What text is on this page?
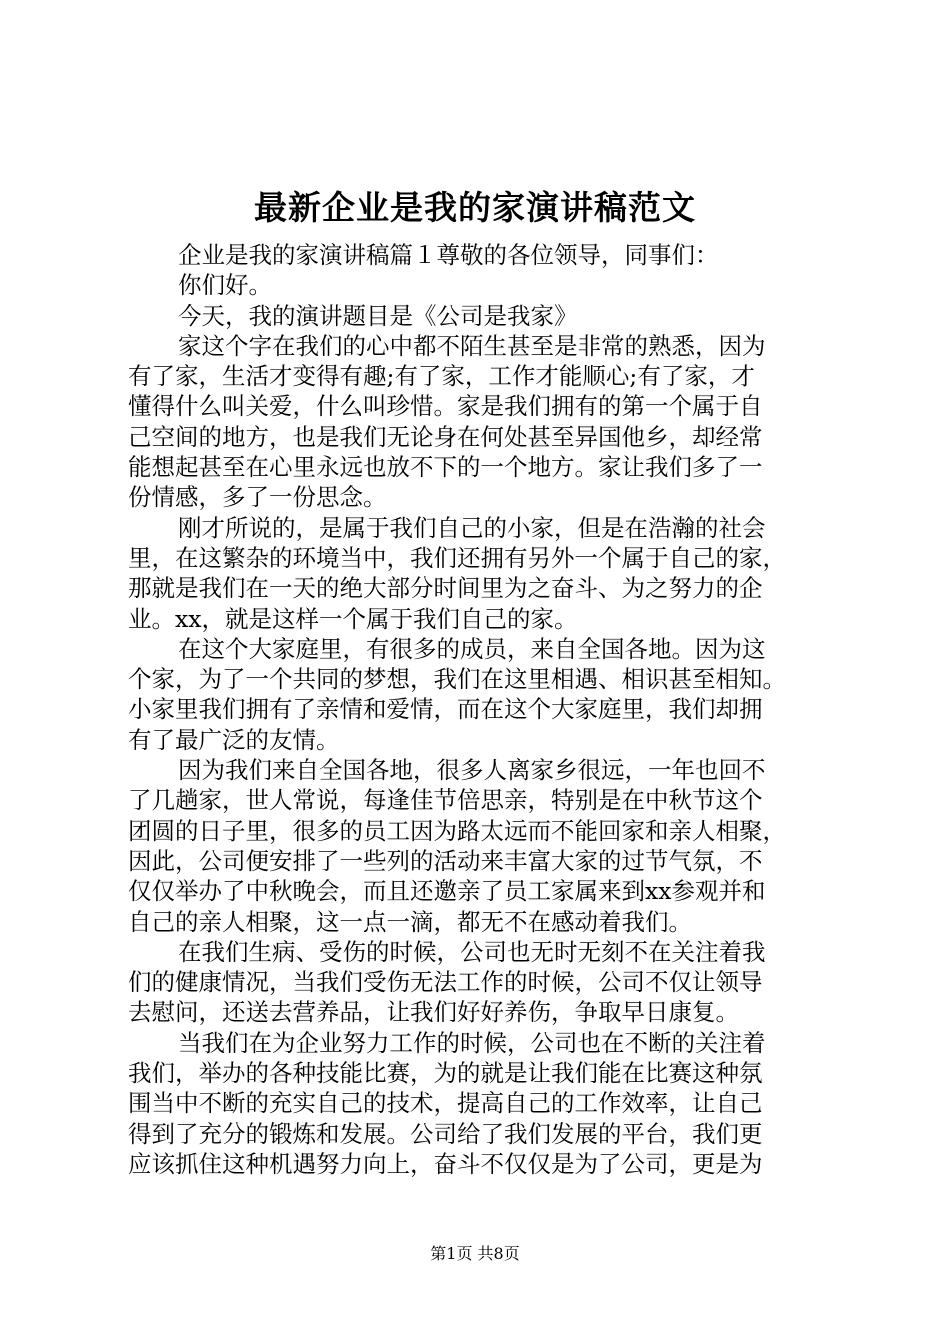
最新企业是我的家演讲稿范文
企业是我的家演讲稿篇１尊敬的各位领导，同事们：
你们好。
今天，我的演讲题目是《公司是我家》
家这个字在我们的心中都不陌生甚至是非常的熟悉，因为
有了家，生活才变得有趣;有了家，工作才能顺心;有了家，才
懂得什么叫关爱，什么叫珍惜。家是我们拥有的第一个属于自
己空间的地方，也是我们无论身在何处甚至异国他乡，却经常
能想起甚至在心里永远也放不下的一个地方。家让我们多了一
份情感，多了一份思念。
刚才所说的，是属于我们自己的小家，但是在浩瀚的社会
里，在这繁杂的环境当中，我们还拥有另外一个属于自己的家，
那就是我们在一天的绝大部分时间里为之奋斗、为之努力的企
业。xx，就是这样一个属于我们自己的家。
在这个大家庭里，有很多的成员，来自全国各地。因为这
个家，为了一个共同的梦想，我们在这里相遇、相识甚至相知。
小家里我们拥有了亲情和爱情，而在这个大家庭里，我们却拥
有了最广泛的友情。
因为我们来自全国各地，很多人离家乡很远，一年也回不
了几趟家，世人常说，每逢佳节倍思亲，特别是在中秋节这个
团圆的日子里，很多的员工因为路太远而不能回家和亲人相聚，
因此，公司便安排了一些列的活动来丰富大家的过节气氛，不
仅仅举办了中秋晚会，而且还邀亲了员工家属来到xx参观并和
自己的亲人相聚，这一点一滴，都无不在感动着我们。
在我们生病、受伤的时候，公司也无时无刻不在关注着我
们的健康情况，当我们受伤无法工作的时候，公司不仅让领导
去慰问，还送去营养品，让我们好好养伤，争取早日康复。
当我们在为企业努力工作的时候，公司也在不断的关注着
我们，举办的各种技能比赛，为的就是让我们能在比赛这种氛
围当中不断的充实自己的技术，提高自己的工作效率，让自己
得到了充分的锻炼和发展。公司给了我们发展的平台，我们更
应该抓住这种机遇努力向上，奋斗不仅仅是为了公司，更是为
第1页 共8页
